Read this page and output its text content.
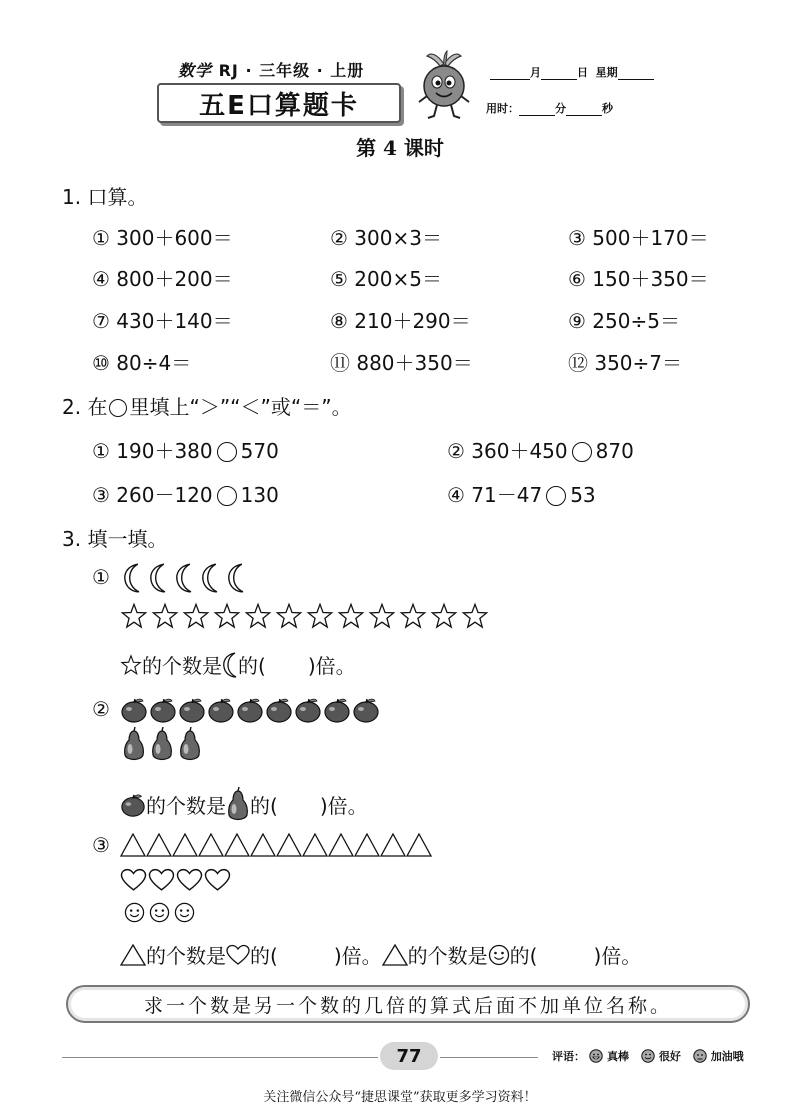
数学 RJ · 三年级 · 上册
五E口算题卡
月	日 星期
用时：	分	秒
第 4 课时
1. 口算。
① 300＋600＝	② 300×3＝	③ 500＋170＝
④ 800＋200＝	⑤ 200×5＝	⑥ 150＋350＝
⑦ 430＋140＝	⑧ 210＋290＝	⑨ 250÷5＝
⑩ 80÷4＝	⑪ 880＋350＝	⑫ 350÷7＝
2. 在 里填上“＞”“＜”或“＝”。
① 190＋380 570	② 360＋450 870
③ 260－120 130	④ 71－47 53
3. 填一填。
①
的个数是 的( )倍。
②
的个数是 的( )倍。
③
的个数是 的(	)倍。 的个数是 的(	)倍。
求一个数是另一个数的几倍的算式后面不加单位名称。
77	评语： 真棒
	很好
	加油哦
关注微信公众号“捷思课堂”获取更多学习资料！
